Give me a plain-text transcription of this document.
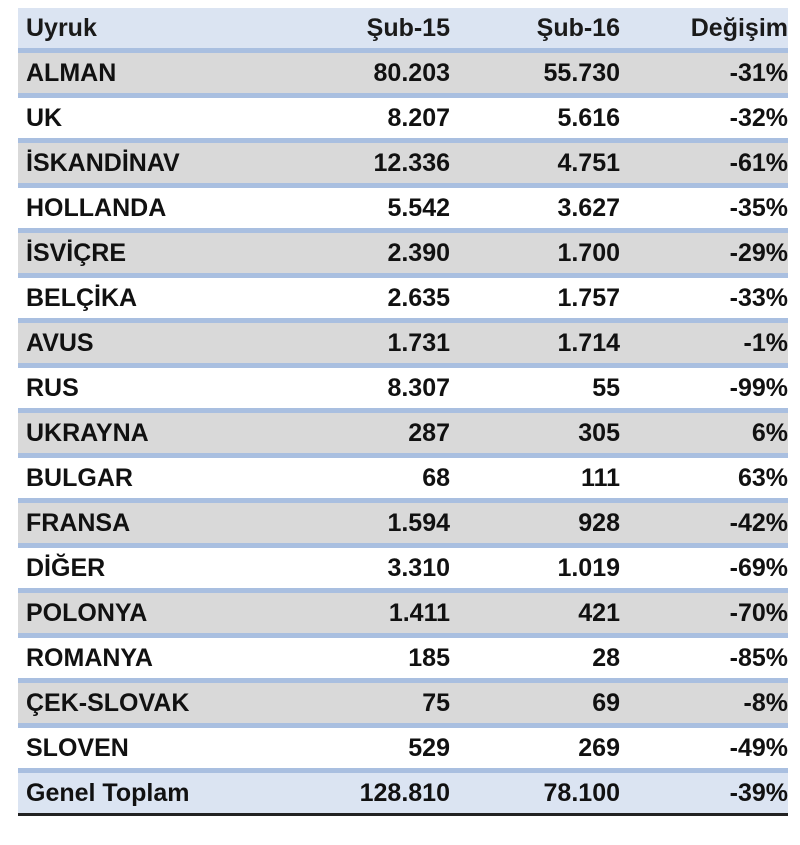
Uyruk	Şub-15	Şub-16	Değişim
ALMAN	80.203	55.730	-31%
UK	8.207	5.616	-32%
İSKANDİNAV	12.336	4.751	-61%
HOLLANDA	5.542	3.627	-35%
İSVİÇRE	2.390	1.700	-29%
BELÇİKA	2.635	1.757	-33%
AVUS	1.731	1.714	-1%
RUS	8.307	55	-99%
UKRAYNA	287	305	6%
BULGAR	68	111	63%
FRANSA	1.594	928	-42%
DİĞER	3.310	1.019	-69%
POLONYA	1.411	421	-70%
ROMANYA	185	28	-85%
ÇEK-SLOVAK	75	69	-8%
SLOVEN	529	269	-49%
Genel Toplam	128.810	78.100	-39%
